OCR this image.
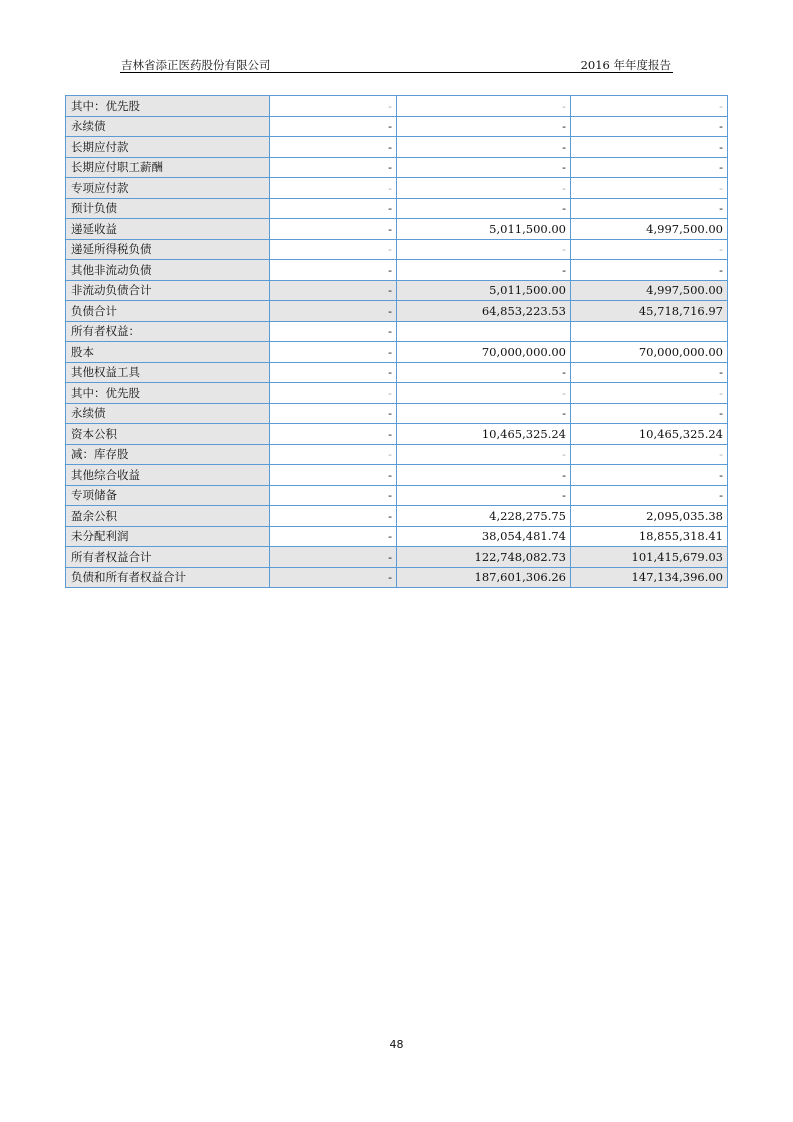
吉林省添正医药股份有限公司	2016 年年度报告
其中：优先股	-	-	-
永续债	-	-	-
长期应付款	-	-	-
长期应付职工薪酬	-	-	-
专项应付款	-	-	-
预计负债	-	-	-
递延收益	-	5,011,500.00	4,997,500.00
递延所得税负债	-	-	-
其他非流动负债	-	-	-
非流动负债合计	-	5,011,500.00	4,997,500.00
负债合计	-	64,853,223.53	45,718,716.97
所有者权益：	-		
股本	-	70,000,000.00	70,000,000.00
其他权益工具	-	-	-
其中：优先股	-	-	-
永续债	-	-	-
资本公积	-	10,465,325.24	10,465,325.24
减：库存股	-	-	-
其他综合收益	-	-	-
专项储备	-	-	-
盈余公积	-	4,228,275.75	2,095,035.38
未分配利润	-	38,054,481.74	18,855,318.41
所有者权益合计	-	122,748,082.73	101,415,679.03
负债和所有者权益合计	-	187,601,306.26	147,134,396.00
48
